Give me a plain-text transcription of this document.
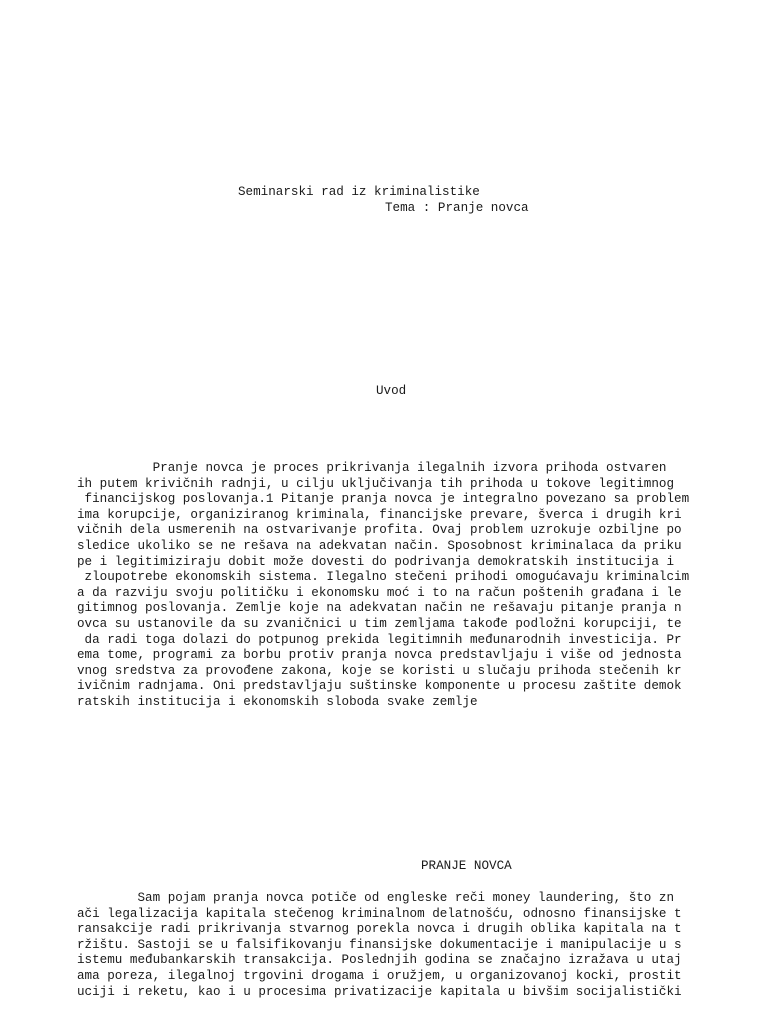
Seminarski rad iz kriminalistike
Tema : Pranje novca
Uvod
Pranje novca je proces prikrivanja ilegalnih izvora prihoda ostvaren
ih putem krivičnih radnji, u cilju uključivanja tih prihoda u tokove legitimnog
financijskog poslovanja.1 Pitanje pranja novca je integralno povezano sa problem
ima korupcije, organiziranog kriminala, financijske prevare, šverca i drugih kri
vičnih dela usmerenih na ostvarivanje profita. Ovaj problem uzrokuje ozbiljne po
sledice ukoliko se ne rešava na adekvatan način. Sposobnost kriminalaca da priku
pe i legitimiziraju dobit može dovesti do podrivanja demokratskih institucija i
zloupotrebe ekonomskih sistema. Ilegalno stečeni prihodi omogućavaju kriminalcim
a da razviju svoju političku i ekonomsku moć i to na račun poštenih građana i le
gitimnog poslovanja. Zemlje koje na adekvatan način ne rešavaju pitanje pranja n
ovca su ustanovile da su zvaničnici u tim zemljama takođe podložni korupciji, te
da radi toga dolazi do potpunog prekida legitimnih međunarodnih investicija. Pr
ema tome, programi za borbu protiv pranja novca predstavljaju i više od jednosta
vnog sredstva za provođene zakona, koje se koristi u slučaju prihoda stečenih kr
ivičnim radnjama. Oni predstavljaju suštinske komponente u procesu zaštite demok
ratskih institucija i ekonomskih sloboda svake zemlje
PRANJE NOVCA
Sam pojam pranja novca potiče od engleske reči money laundering, što zn
ači legalizacija kapitala stečenog kriminalnom delatnošću, odnosno finansijske t
ransakcije radi prikrivanja stvarnog porekla novca i drugih oblika kapitala na t
ržištu. Sastoji se u falsifikovanju finansijske dokumentacije i manipulacije u s
istemu međubankarskih transakcija. Poslednjih godina se značajno izražava u utaj
ama poreza, ilegalnoj trgovini drogama i oružjem, u organizovanoj kocki, prostit
uciji i reketu, kao i u procesima privatizacije kapitala u bivšim socijalistički
